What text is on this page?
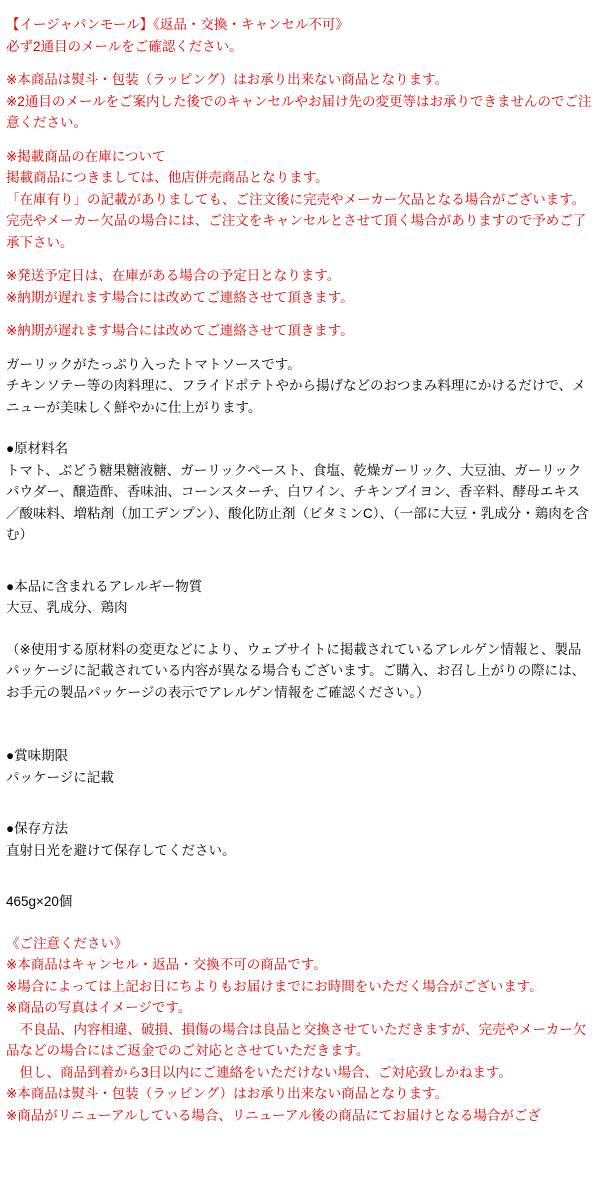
【イージャパンモール】《返品・交換・キャンセル不可》
必ず2通目のメールをご確認ください。
※本商品は熨斗・包装（ラッピング）はお承り出来ない商品となります。
※2通目のメールをご案内した後でのキャンセルやお届け先の変更等はお承りできませんのでご注意ください。
※掲載商品の在庫について
掲載商品につきましては、他店併売商品となります。
「在庫有り」の記載がありましても、ご注文後に完売やメーカー欠品となる場合がございます。
完売やメーカー欠品の場合には、ご注文をキャンセルとさせて頂く場合がありますので予めご了承下さい。
※発送予定日は、在庫がある場合の予定日となります。
※納期が遅れます場合には改めてご連絡させて頂きます。
※納期が遅れます場合には改めてご連絡させて頂きます。
ガーリックがたっぷり入ったトマトソースです。
チキンソテー等の肉料理に、フライドポテトやから揚げなどのおつまみ料理にかけるだけで、メニューが美味しく鮮やかに仕上がります。
●原材料名
トマト、ぶどう糖果糖液糖、ガーリックペースト、食塩、乾燥ガーリック、大豆油、ガーリックパウダー、醸造酢、香味油、コーンスターチ、白ワイン、チキンブイヨン、香辛料、酵母エキス／酸味料、増粘剤（加工デンプン）、酸化防止剤（ビタミンC）、（一部に大豆・乳成分・鶏肉を含む）
●本品に含まれるアレルギー物質
大豆、乳成分、鶏肉
（※使用する原材料の変更などにより、ウェブサイトに掲載されているアレルゲン情報と、製品パッケージに記載されている内容が異なる場合もございます。ご購入、お召し上がりの際には、お手元の製品パッケージの表示でアレルゲン情報をご確認ください。）
●賞味期限
パッケージに記載
●保存方法
直射日光を避けて保存してください。
465g×20個
《ご注意ください》
※本商品はキャンセル・返品・交換不可の商品です。
※場合によっては上記お日にちよりもお届けまでにお時間をいただく場合がございます。
※商品の写真はイメージです。
　不良品、内容相違、破損、損傷の場合は良品と交換させていただきますが、完売やメーカー欠品などの場合にはご返金でのご対応とさせていただきます。
　但し、商品到着から3日以内にご連絡をいただけない場合、ご対応致しかねます。
※本商品は熨斗・包装（ラッピング）はお承り出来ない商品となります。
※商品がリニューアルしている場合、リニューアル後の商品にてお届けとなる場合がござ
